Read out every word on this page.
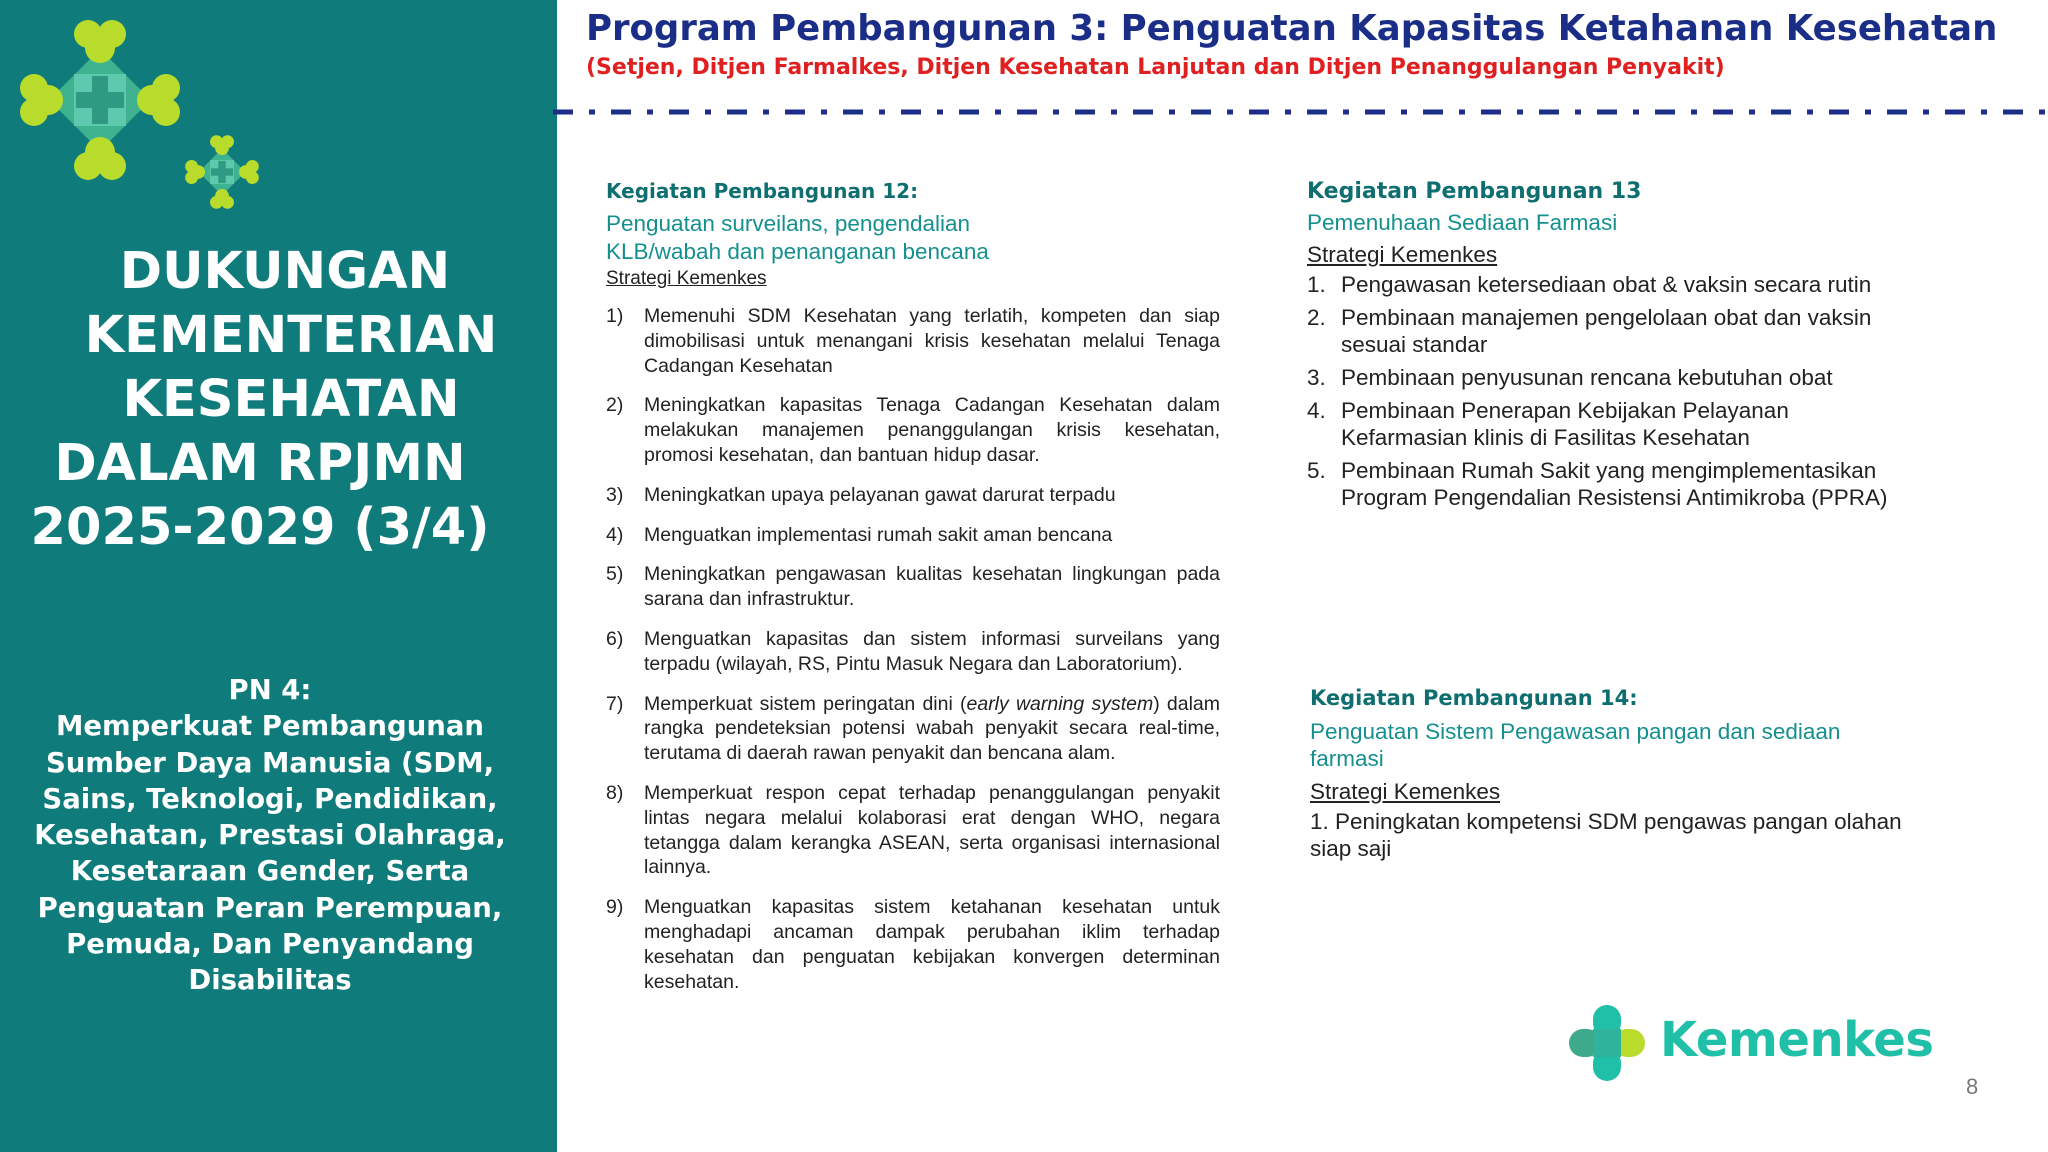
DUKUNGAN
KEMENTERIAN
KESEHATAN
DALAM RPJMN
2025-2029 (3/4)
PN 4:
Memperkuat Pembangunan
Sumber Daya Manusia (SDM,
Sains, Teknologi, Pendidikan,
Kesehatan, Prestasi Olahraga,
Kesetaraan Gender, Serta
Penguatan Peran Perempuan,
Pemuda, Dan Penyandang
Disabilitas
Program Pembangunan 3: Penguatan Kapasitas Ketahanan Kesehatan
(Setjen, Ditjen Farmalkes, Ditjen Kesehatan Lanjutan dan Ditjen Penanggulangan Penyakit)
Kegiatan Pembangunan 12:
Penguatan surveilans, pengendalian
KLB/wabah dan penanganan bencana
Strategi Kemenkes
1)	Memenuhi SDM Kesehatan yang terlatih, kompeten dan siap dimobilisasi untuk menangani krisis kesehatan melalui Tenaga Cadangan Kesehatan
2)	Meningkatkan kapasitas Tenaga Cadangan Kesehatan dalam melakukan manajemen penanggulangan krisis kesehatan, promosi kesehatan, dan bantuan hidup dasar.
3)	Meningkatkan upaya pelayanan gawat darurat terpadu
4)	Menguatkan implementasi rumah sakit aman bencana
5)	Meningkatkan pengawasan kualitas kesehatan lingkungan pada sarana dan infrastruktur.
6)	Menguatkan kapasitas dan sistem informasi surveilans yang terpadu (wilayah, RS, Pintu Masuk Negara dan Laboratorium).
7)	Memperkuat sistem peringatan dini (early warning system) dalam rangka pendeteksian potensi wabah penyakit secara real-time, terutama di daerah rawan penyakit dan bencana alam.
8)	Memperkuat respon cepat terhadap penanggulangan penyakit lintas negara melalui kolaborasi erat dengan WHO, negara tetangga dalam kerangka ASEAN, serta organisasi internasional lainnya.
9)	Menguatkan kapasitas sistem ketahanan kesehatan untuk menghadapi ancaman dampak perubahan iklim terhadap kesehatan dan penguatan kebijakan konvergen determinan kesehatan.
Kegiatan Pembangunan 13
Pemenuhaan Sediaan Farmasi
Strategi Kemenkes
1. Pengawasan ketersediaan obat & vaksin secara rutin
2. Pembinaan manajemen pengelolaan obat dan vaksin
sesuai standar
3. Pembinaan penyusunan rencana kebutuhan obat
4. Pembinaan Penerapan Kebijakan Pelayanan
Kefarmasian klinis di Fasilitas Kesehatan
5. Pembinaan Rumah Sakit yang mengimplementasikan
Program Pengendalian Resistensi Antimikroba (PPRA)
Kegiatan Pembangunan 14:
Penguatan Sistem Pengawasan pangan dan sediaan
farmasi
Strategi Kemenkes
1. Peningkatan kompetensi SDM pengawas pangan olahan
siap saji
Kemenkes
8
